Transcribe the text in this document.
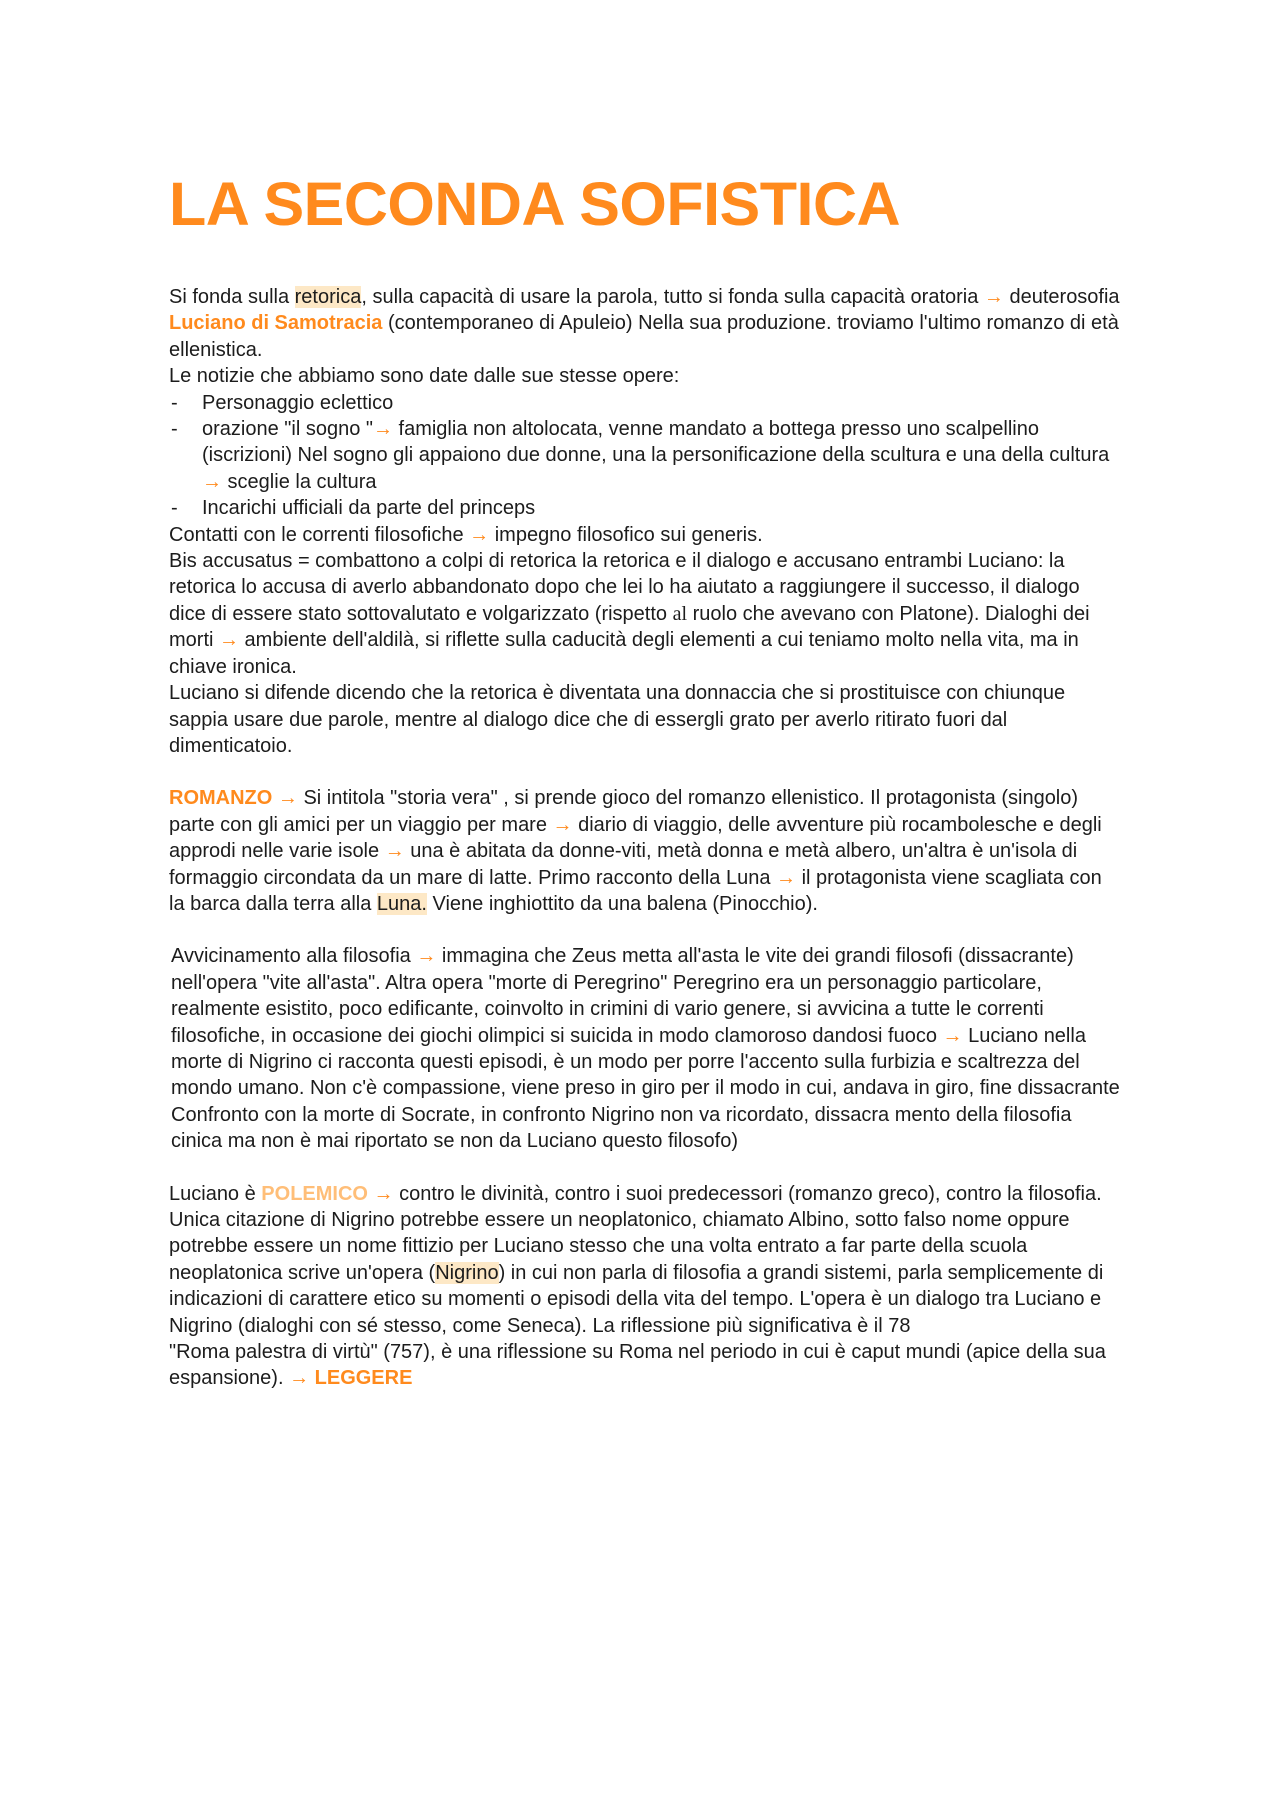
LA SECONDA SOFISTICA

Si fonda sulla retorica, sulla capacità di usare la parola, tutto si fonda sulla capacità oratoria → deuterosofia Luciano di Samotracia (contemporaneo di Apuleio) Nella sua produzione. troviamo l'ultimo romanzo di età ellenistica.

Le notizie che abbiamo sono date dalle sue stesse opere:

- Personaggio eclettico
- orazione "il sogno "→ famiglia non altolocata, venne mandato a bottega presso uno scalpellino (iscrizioni) Nel sogno gli appaiono due donne, una la personificazione della scultura e una della cultura → sceglie la cultura
- Incarichi ufficiali da parte del princeps

Contatti con le correnti filosofiche → impegno filosofico sui generis.

Bis accusatus = combattono a colpi di retorica la retorica e il dialogo e accusano entrambi Luciano: la retorica lo accusa di averlo abbandonato dopo che lei lo ha aiutato a raggiungere il successo, il dialogo dice di essere stato sottovalutato e volgarizzato (rispetto al ruolo che avevano con Platone). Dialoghi dei morti → ambiente dell'aldilà, si riflette sulla caducità degli elementi a cui teniamo molto nella vita, ma in chiave ironica.

Luciano si difende dicendo che la retorica è diventata una donnaccia che si prostituisce con chiunque sappia usare due parole, mentre al dialogo dice che di essergli grato per averlo ritirato fuori dal dimenticatoio.

ROMANZO → Si intitola "storia vera" , si prende gioco del romanzo ellenistico. Il protagonista (singolo) parte con gli amici per un viaggio per mare → diario di viaggio, delle avventure più rocambolesche e degli approdi nelle varie isole → una è abitata da donne-viti, metà donna e metà albero, un'altra è un'isola di formaggio circondata da un mare di latte. Primo racconto della Luna → il protagonista viene scagliata con la barca dalla terra alla Luna. Viene inghiottito da una balena (Pinocchio).

Avvicinamento alla filosofia → immagina che Zeus metta all'asta le vite dei grandi filosofi (dissacrante) nell'opera "vite all'asta". Altra opera "morte di Peregrino" Peregrino era un personaggio particolare, realmente esistito, poco edificante, coinvolto in crimini di vario genere, si avvicina a tutte le correnti filosofiche, in occasione dei giochi olimpici si suicida in modo clamoroso dandosi fuoco → Luciano nella morte di Nigrino ci racconta questi episodi, è un modo per porre l'accento sulla furbizia e scaltrezza del mondo umano. Non c'è compassione, viene preso in giro per il modo in cui, andava in giro, fine dissacrante Confronto con la morte di Socrate, in confronto Nigrino non va ricordato, dissacra mento della filosofia cinica ma non è mai riportato se non da Luciano questo filosofo)

Luciano è POLEMICO → contro le divinità, contro i suoi predecessori (romanzo greco), contro la filosofia. Unica citazione di Nigrino potrebbe essere un neoplatonico, chiamato Albino, sotto falso nome oppure potrebbe essere un nome fittizio per Luciano stesso che una volta entrato a far parte della scuola neoplatonica scrive un'opera (Nigrino) in cui non parla di filosofia a grandi sistemi, parla semplicemente di indicazioni di carattere etico su momenti o episodi della vita del tempo. L'opera è un dialogo tra Luciano e Nigrino (dialoghi con sé stesso, come Seneca). La riflessione più significativa è il 78

"Roma palestra di virtù" (757), è una riflessione su Roma nel periodo in cui è caput mundi (apice della sua espansione). → LEGGERE
